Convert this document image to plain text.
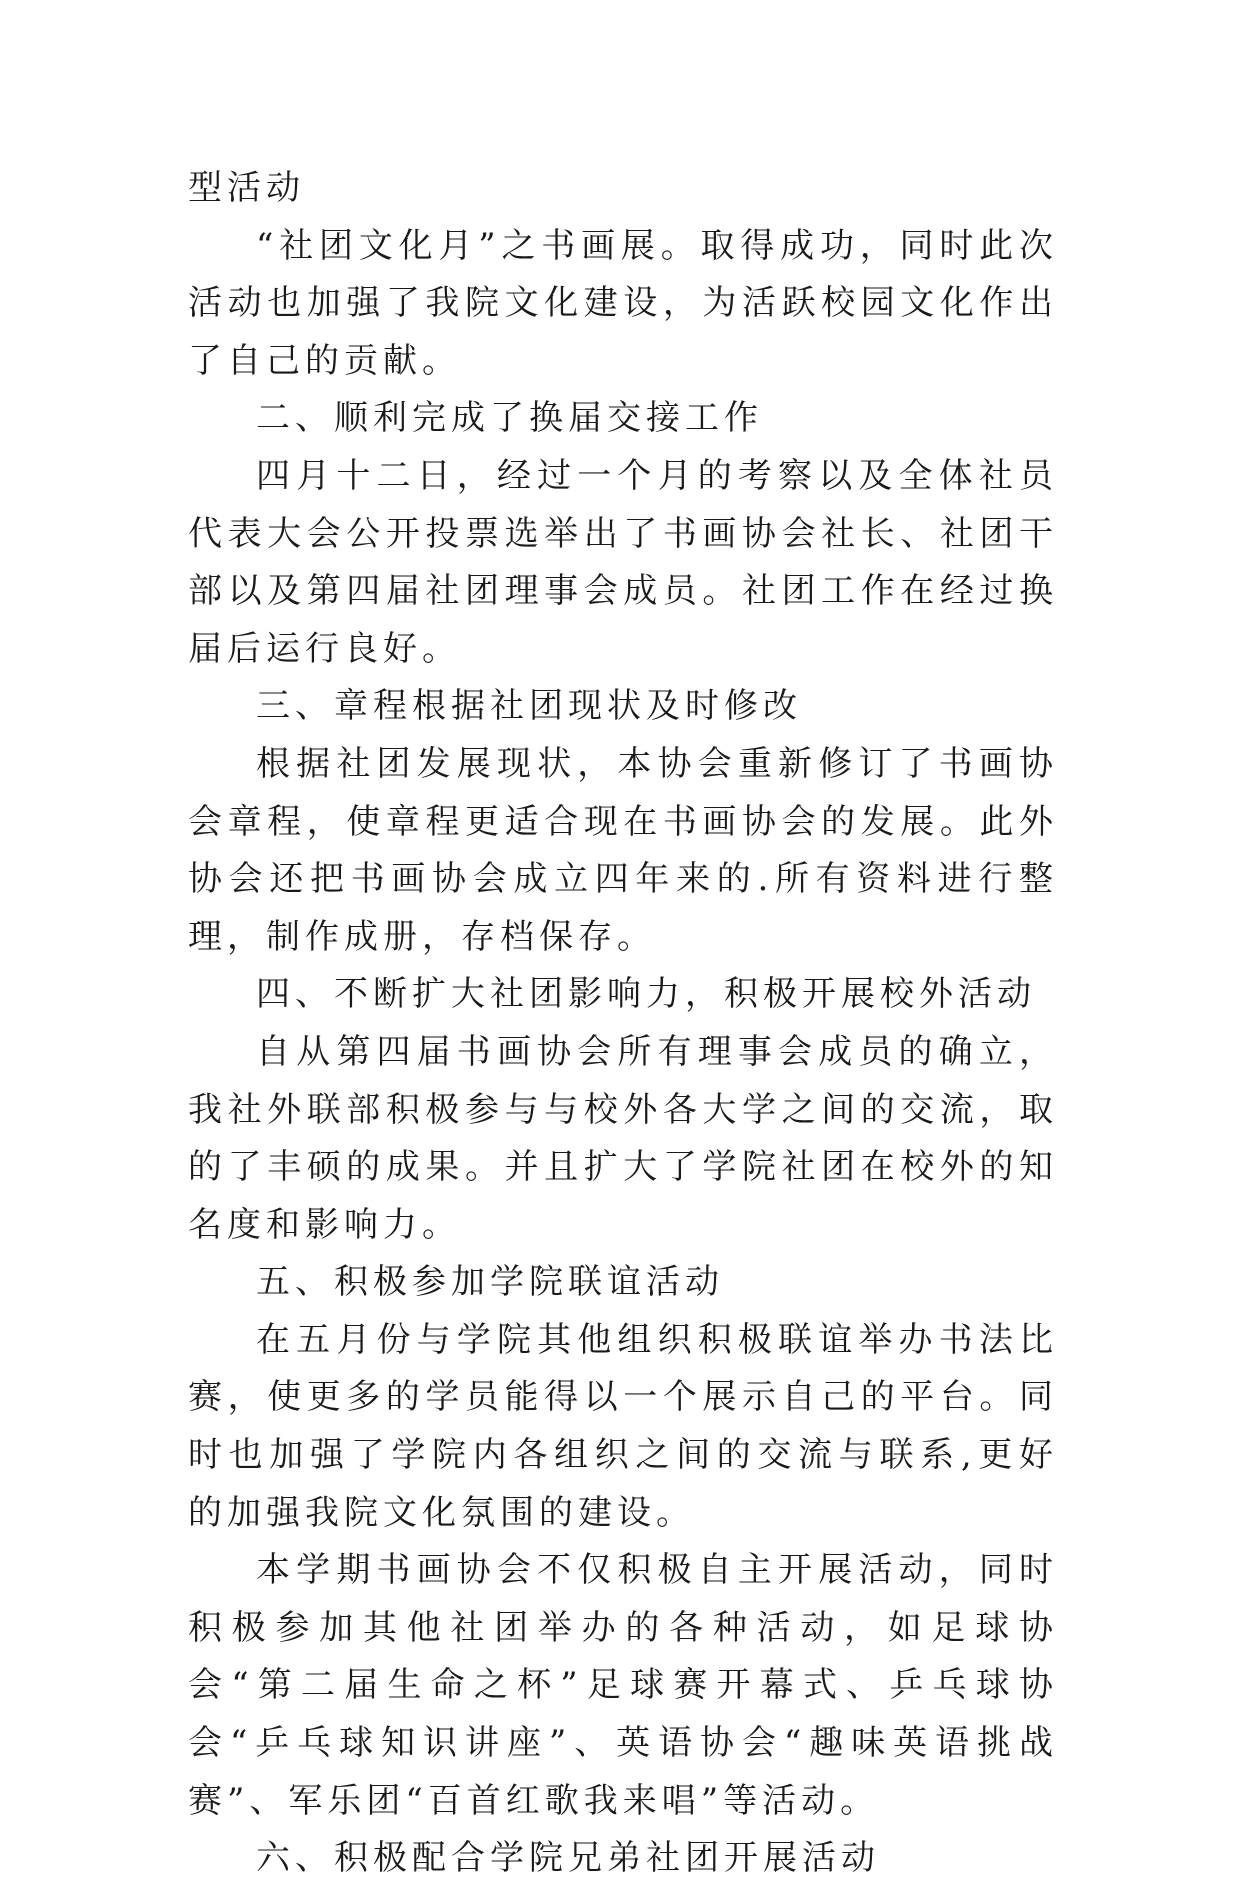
型活动

“社团文化月”之书画展。取得成功，同时此次活动也加强了我院文化建设，为活跃校园文化作出了自己的贡献。

二、顺利完成了换届交接工作

四月十二日，经过一个月的考察以及全体社员代表大会公开投票选举出了书画协会社长、社团干部以及第四届社团理事会成员。社团工作在经过换届后运行良好。

三、章程根据社团现状及时修改

根据社团发展现状，本协会重新修订了书画协会章程，使章程更适合现在书画协会的发展。此外协会还把书画协会成立四年来的.所有资料进行整理，制作成册，存档保存。

四、不断扩大社团影响力，积极开展校外活动

自从第四届书画协会所有理事会成员的确立，我社外联部积极参与与校外各大学之间的交流，取的了丰硕的成果。并且扩大了学院社团在校外的知名度和影响力。

五、积极参加学院联谊活动

在五月份与学院其他组织积极联谊举办书法比赛，使更多的学员能得以一个展示自己的平台。同时也加强了学院内各组织之间的交流与联系,更好的加强我院文化氛围的建设。

本学期书画协会不仅积极自主开展活动，同时积极参加其他社团举办的各种活动，如足球协会“第二届生命之杯”足球赛开幕式、乒乓球协会“乒乓球知识讲座”、英语协会“趣味英语挑战赛”、军乐团“百首红歌我来唱”等活动。

六、积极配合学院兄弟社团开展活动
